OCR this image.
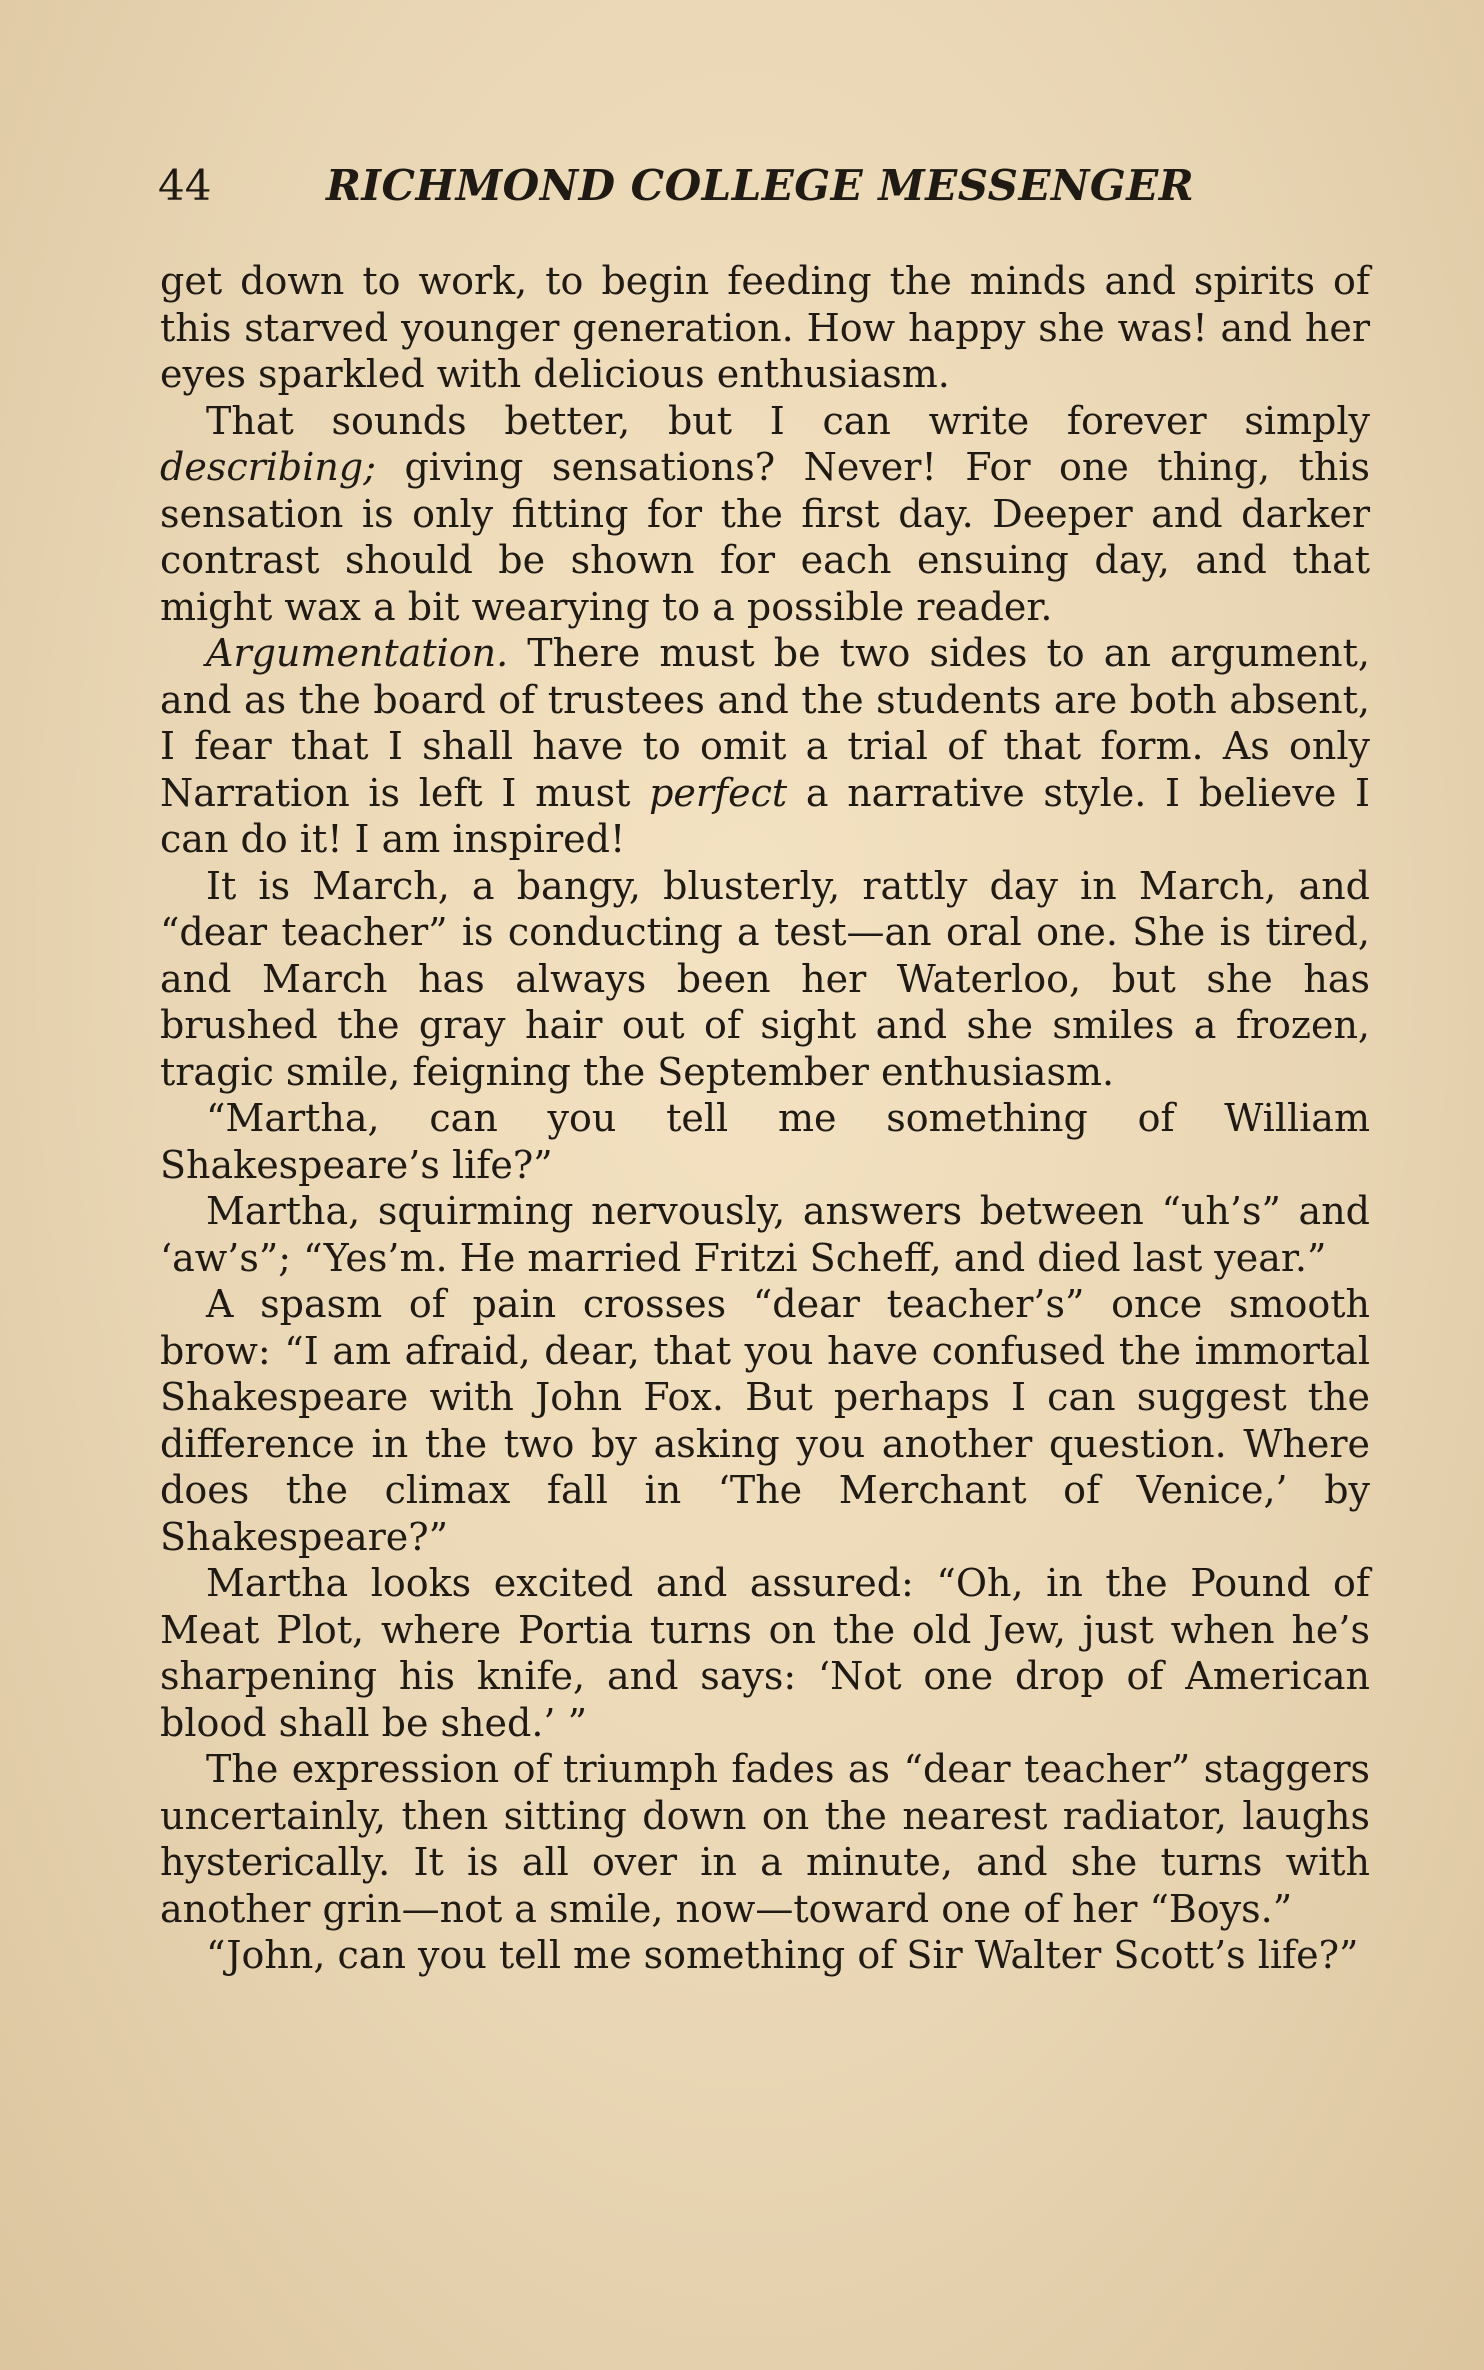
44	RICHMOND COLLEGE MESSENGER

get down to work, to begin feeding the minds and spirits of this starved younger generation. How happy she was! and her eyes sparkled with delicious enthusiasm.

That sounds better, but I can write forever simply describing; giving sensations? Never! For one thing, this sensation is only fitting for the first day. Deeper and darker contrast should be shown for each ensuing day, and that might wax a bit wearying to a possible reader.

Argumentation. There must be two sides to an argument, and as the board of trustees and the students are both absent, I fear that I shall have to omit a trial of that form. As only Narration is left I must perfect a narrative style. I believe I can do it! I am inspired!

It is March, a bangy, blusterly, rattly day in March, and “dear teacher” is conducting a test—an oral one. She is tired, and March has always been her Waterloo, but she has brushed the gray hair out of sight and she smiles a frozen, tragic smile, feigning the September enthusiasm.

“Martha, can you tell me something of William Shakespeare’s life?”

Martha, squirming nervously, answers between “uh’s” and ‘aw’s”; “Yes’m. He married Fritzi Scheff, and died last year.”

A spasm of pain crosses “dear teacher’s” once smooth brow: “I am afraid, dear, that you have confused the immortal Shakespeare with John Fox. But perhaps I can suggest the difference in the two by asking you another question. Where does the climax fall in ‘The Merchant of Venice,’ by Shakespeare?”

Martha looks excited and assured: “Oh, in the Pound of Meat Plot, where Portia turns on the old Jew, just when he’s sharpening his knife, and says: ‘Not one drop of American blood shall be shed.’ ”

The expression of triumph fades as “dear teacher” staggers uncertainly, then sitting down on the nearest radiator, laughs hysterically. It is all over in a minute, and she turns with another grin—not a smile, now—toward one of her “Boys.”

“John, can you tell me something of Sir Walter Scott’s life?”
